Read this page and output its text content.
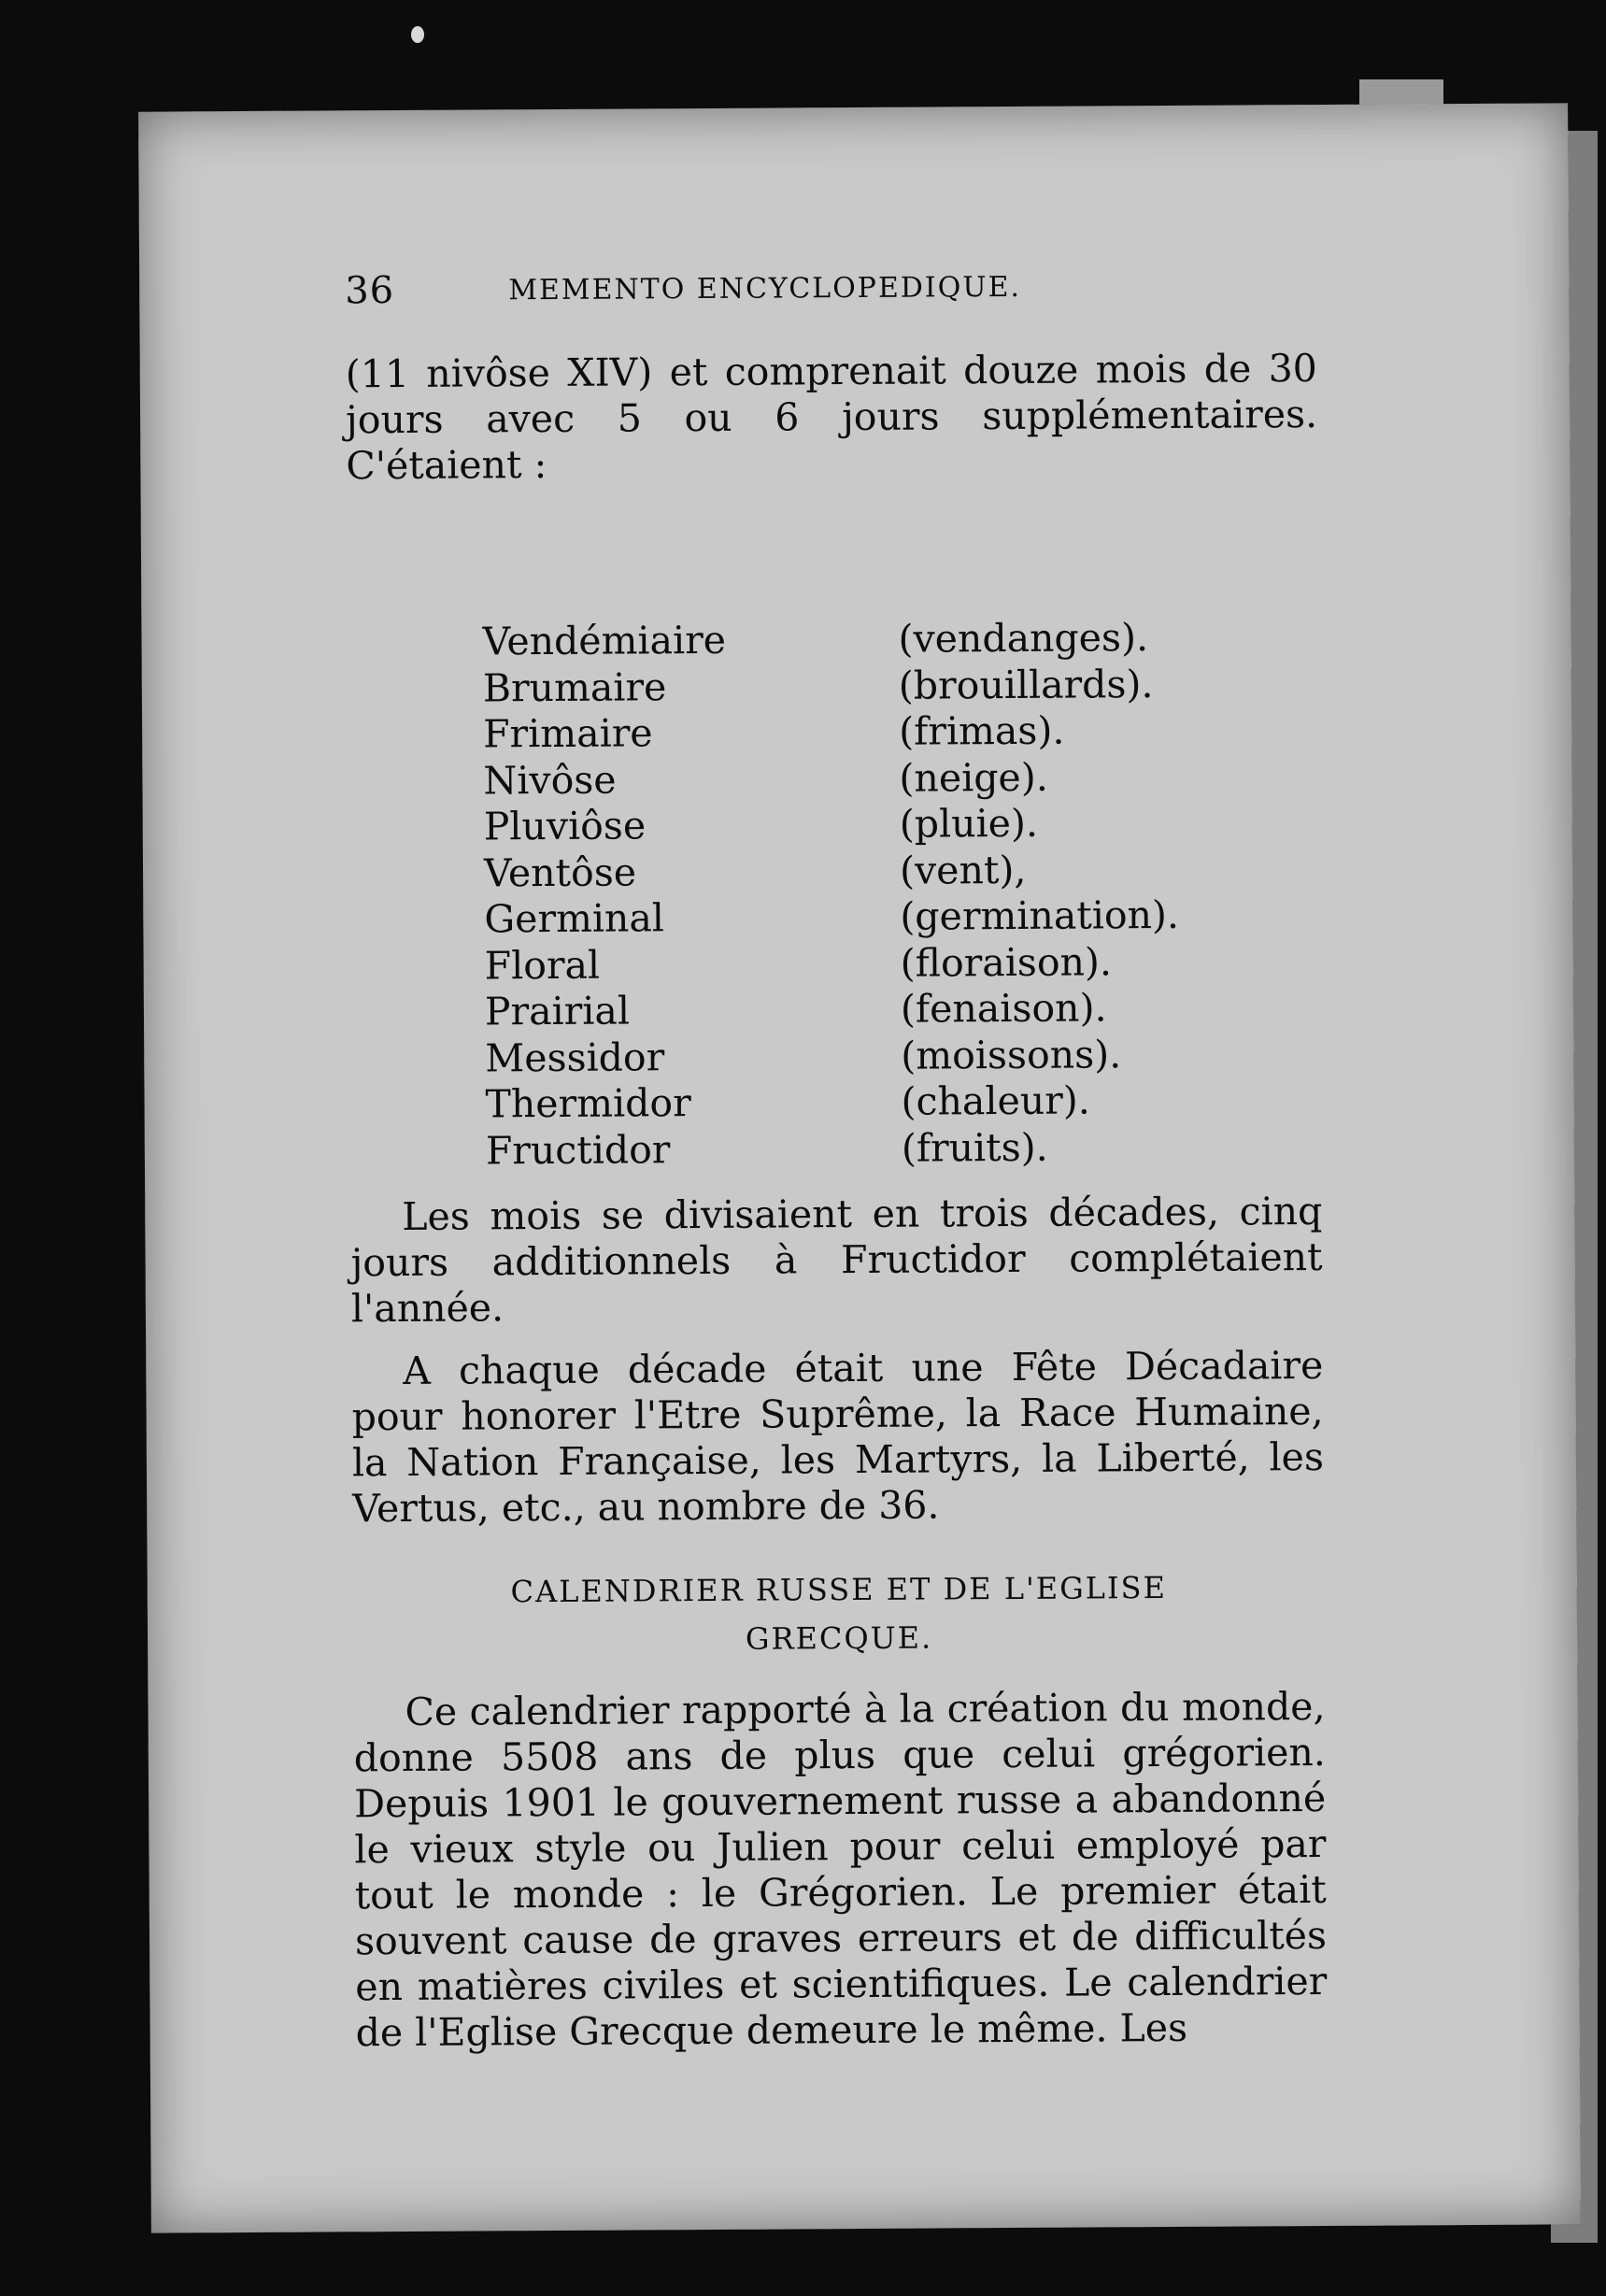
36	MEMENTO ENCYCLOPEDIQUE.

(11 nivôse XIV) et comprenait douze mois de 30 jours avec 5 ou 6 jours supplémentaires. C'étaient :

Vendémiaire	(vendanges).
Brumaire	(brouillards).
Frimaire	(frimas).
Nivôse	(neige).
Pluviôse	(pluie).
Ventôse	(vent),
Germinal	(germination).
Floral	(floraison).
Prairial	(fenaison).
Messidor	(moissons).
Thermidor	(chaleur).
Fructidor	(fruits).

Les mois se divisaient en trois décades, cinq jours additionnels à Fructidor complétaient l'année.

A chaque décade était une Fête Décadaire pour honorer l'Etre Suprême, la Race Humaine, la Nation Française, les Martyrs, la Liberté, les Vertus, etc., au nombre de 36.

CALENDRIER RUSSE ET DE L'EGLISE
GRECQUE.

Ce calendrier rapporté à la création du monde, donne 5508 ans de plus que celui grégorien. Depuis 1901 le gouvernement russe a abandonné le vieux style ou Julien pour celui employé par tout le monde : le Grégorien. Le premier était souvent cause de graves erreurs et de difficultés en matières civiles et scientifiques. Le calendrier de l'Eglise Grecque demeure le même. Les
